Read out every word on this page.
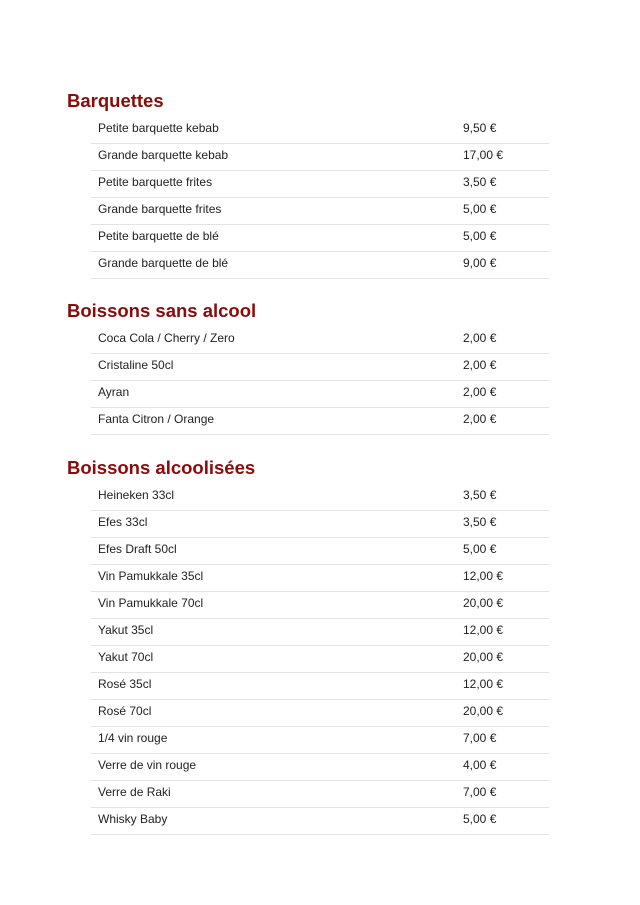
Barquettes
Petite barquette kebab	9,50 €
Grande barquette kebab	17,00 €
Petite barquette frites	3,50 €
Grande barquette frites	5,00 €
Petite barquette de blé	5,00 €
Grande barquette de blé	9,00 €
Boissons sans alcool
Coca Cola / Cherry / Zero	2,00 €
Cristaline 50cl	2,00 €
Ayran	2,00 €
Fanta Citron / Orange	2,00 €
Boissons alcoolisées
Heineken 33cl	3,50 €
Efes 33cl	3,50 €
Efes Draft 50cl	5,00 €
Vin Pamukkale 35cl	12,00 €
Vin Pamukkale 70cl	20,00 €
Yakut 35cl	12,00 €
Yakut 70cl	20,00 €
Rosé 35cl	12,00 €
Rosé 70cl	20,00 €
1/4 vin rouge	7,00 €
Verre de vin rouge	4,00 €
Verre de Raki	7,00 €
Whisky Baby	5,00 €
